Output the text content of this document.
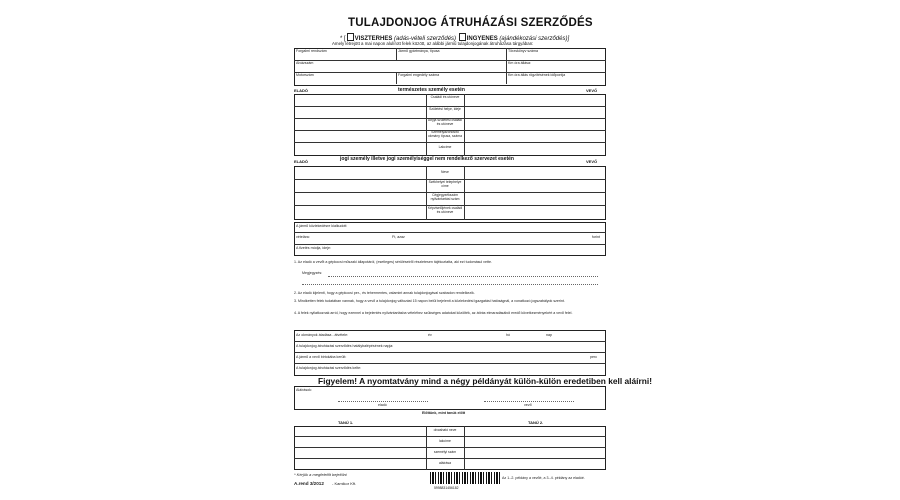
TULAJDONJOG ÁTRUHÁZÁSI SZERZŐDÉS
* [ VISZTERHES (adás-vételi szerződés) INGYENES (ajándékozási szerződés)]
Amely létrejött a mai napon alulírott felek között, az alábbi jármű tulajdonjogának átruházása tárgyában:
Forgalmi rendszám	Jármű gyártmánya, típusa	Törzskönyv száma
Alvázszám	Km óra állása:
Motorszám	Forgalmi engedély száma	Km óra állás rögzítésének időpontja
ELADÓ	természetes személy esetén	VEVŐ
Családi és utóneve
Születési helye, ideje
Anyja születési családi és utóneve
Személyazonosító okmány típusa, száma
Lakcíme
ELADÓ	jogi személy illetve jogi személyiséggel nem rendelkező szervezet esetén	VEVŐ
Neve
Székhelyei telephelye címe
Cégjegyzékszám nyilvántartási szám
Képviselőjének családi és utóneve
A jármű közlekedésre kialkudott
vételára:	Ft, azaz	forint
A fizetés módja, ideje:
1. Az eladó a vevőt a gépkocsi műszaki állapotáról, (esetleges) sérüléseiről részletesen tájékoztatta, aki ezt tudomásul vette.
Megjegyzés:
2. Az eladó kijelenti, hogy a gépkocsi per-, és tehermentes, valamint annak tulajdonjogával szabadon rendelkezik.
3. Mindketten felek tudatában vannak, hogy a vevő a tulajdonjog változást 15 napon belül bejelenti a közlekedési igazgatási hatóságnál, a vonatkozó jogszabályok szerint.
4. A felek nyilatkoznak arról, hogy ezennel a bejelentés nyilvántartásba vételéhez szükséges adatokat közölték, az átírás elmaradásából eredő következményekért a vevő felel.
Az okmányok átadása - átvétele:
A tulajdonjog átruházási szerződés hatálybalépésének napja:
A jármű a vevő birtokába került:
A tulajdonjog átruházási szerződés kelte:
év	hó	nap
perc
Figyelem! A nyomtatvány mind a négy példányát külön-külön eredetiben kell aláírni!
Aláírások:
eladó	vevő
Előttünk, mint tanúk előtt
TANÚ 1.	TANÚ 2.
olvasható neve
lakcíme
személyi szám
aláírása
* Kérjük a megfelelőt bejelölni
A.rend 3/2012 - Kamikor Kft.
5998831456182
Az 1.-2. példány a vevőé, a 3.-4. példány az eladóé.
